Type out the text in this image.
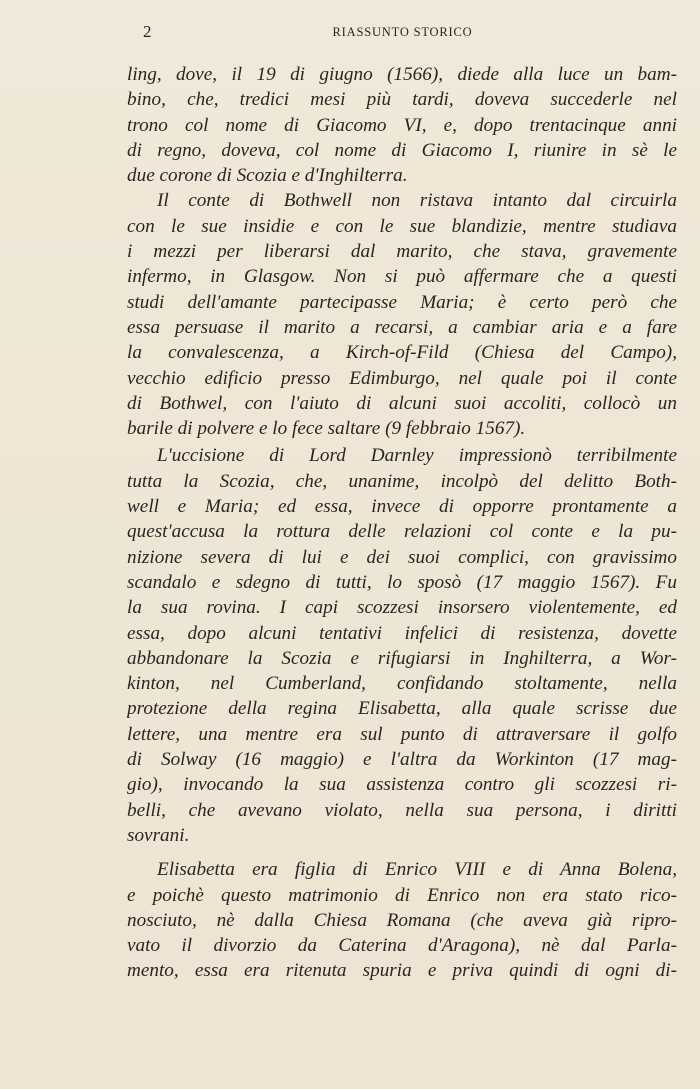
2	RIASSUNTO STORICO
ling, dove, il 19 di giugno (1566), diede alla luce un bam-
bino, che, tredici mesi più tardi, doveva succederle nel
trono col nome di Giacomo VI, e, dopo trentacinque anni
di regno, doveva, col nome di Giacomo I, riunire in sè le
due corone di Scozia e d'Inghilterra.
Il conte di Bothwell non ristava intanto dal circuirla
con le sue insidie e con le sue blandizie, mentre studiava
i mezzi per liberarsi dal marito, che stava, gravemente
infermo, in Glasgow. Non si può affermare che a questi
studi dell'amante partecipasse Maria; è certo però che
essa persuase il marito a recarsi, a cambiar aria e a fare
la convalescenza, a Kirch-of-Fild (Chiesa del Campo),
vecchio edificio presso Edimburgo, nel quale poi il conte
di Bothwel, con l'aiuto di alcuni suoi accoliti, collocò un
barile di polvere e lo fece saltare (9 febbraio 1567).
L'uccisione di Lord Darnley impressionò terribilmente
tutta la Scozia, che, unanime, incolpò del delitto Both-
well e Maria; ed essa, invece di opporre prontamente a
quest'accusa la rottura delle relazioni col conte e la pu-
nizione severa di lui e dei suoi complici, con gravissimo
scandalo e sdegno di tutti, lo sposò (17 maggio 1567). Fu
la sua rovina. I capi scozzesi insorsero violentemente, ed
essa, dopo alcuni tentativi infelici di resistenza, dovette
abbandonare la Scozia e rifugiarsi in Inghilterra, a Wor-
kinton, nel Cumberland, confidando stoltamente, nella
protezione della regina Elisabetta, alla quale scrisse due
lettere, una mentre era sul punto di attraversare il golfo
di Solway (16 maggio) e l'altra da Workinton (17 mag-
gio), invocando la sua assistenza contro gli scozzesi ri-
belli, che avevano violato, nella sua persona, i diritti
sovrani.
Elisabetta era figlia di Enrico VIII e di Anna Bolena,
e poichè questo matrimonio di Enrico non era stato rico-
nosciuto, nè dalla Chiesa Romana (che aveva già ripro-
vato il divorzio da Caterina d'Aragona), nè dal Parla-
mento, essa era ritenuta spuria e priva quindi di ogni di-
